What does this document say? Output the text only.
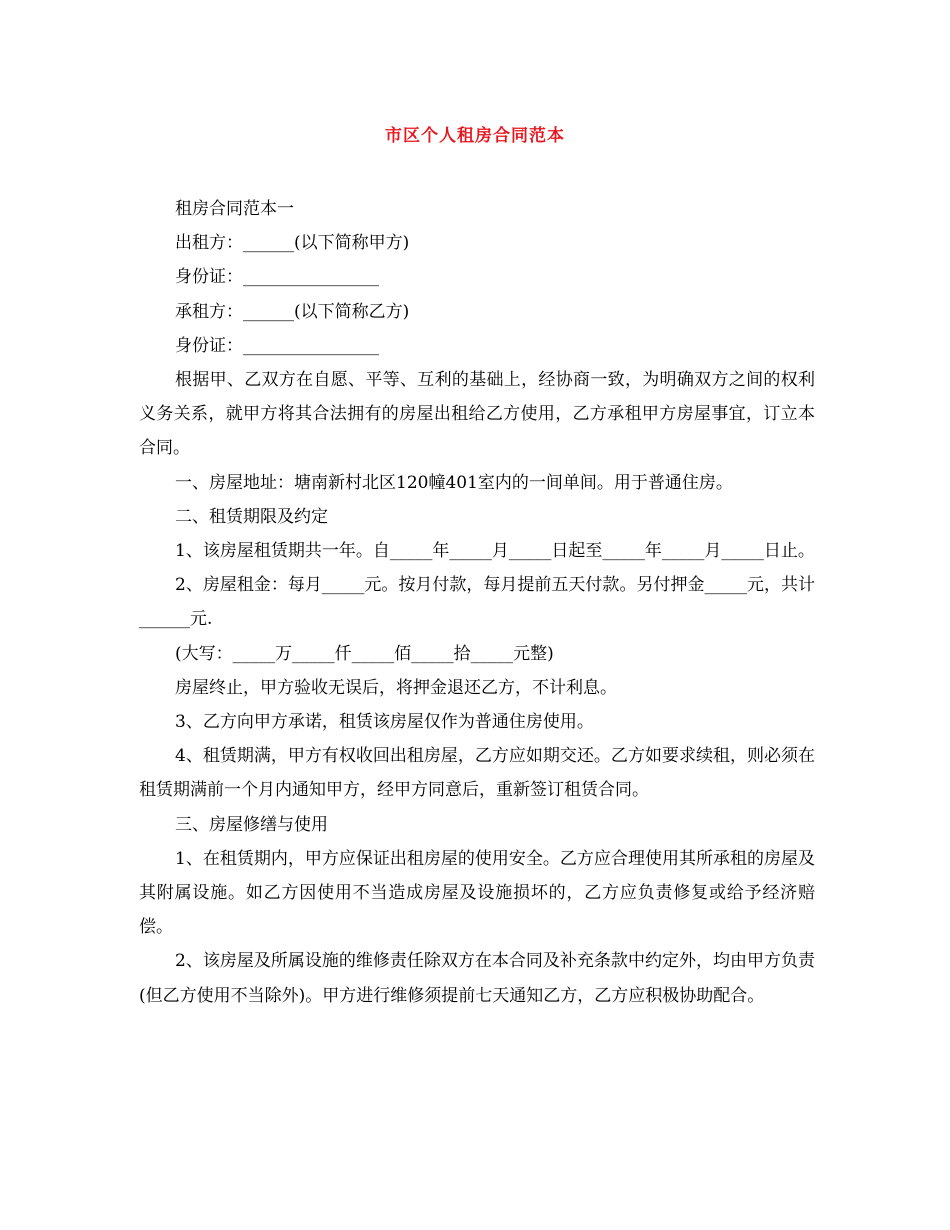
市区个人租房合同范本

租房合同范本一

出租方：______(以下简称甲方)

身份证：________________

承租方：______(以下简称乙方)

身份证：________________

根据甲、乙双方在自愿、平等、互利的基础上，经协商一致，为明确双方之间的权利义务关系，就甲方将其合法拥有的房屋出租给乙方使用，乙方承租甲方房屋事宜，订立本合同。

一、房屋地址：塘南新村北区120幢401室内的一间单间。用于普通住房。

二、租赁期限及约定

1、该房屋租赁期共一年。自_____年_____月_____日起至_____年_____月_____日止。

2、房屋租金：每月_____元。按月付款，每月提前五天付款。另付押金_____元，共计______元.

(大写：_____万_____仟_____佰_____拾_____元整)

房屋终止，甲方验收无误后，将押金退还乙方，不计利息。

3、乙方向甲方承诺，租赁该房屋仅作为普通住房使用。

4、租赁期满，甲方有权收回出租房屋，乙方应如期交还。乙方如要求续租，则必须在租赁期满前一个月内通知甲方，经甲方同意后，重新签订租赁合同。

三、房屋修缮与使用

1、在租赁期内，甲方应保证出租房屋的使用安全。乙方应合理使用其所承租的房屋及其附属设施。如乙方因使用不当造成房屋及设施损坏的，乙方应负责修复或给予经济赔偿。

2、该房屋及所属设施的维修责任除双方在本合同及补充条款中约定外，均由甲方负责(但乙方使用不当除外)。甲方进行维修须提前七天通知乙方，乙方应积极协助配合。
